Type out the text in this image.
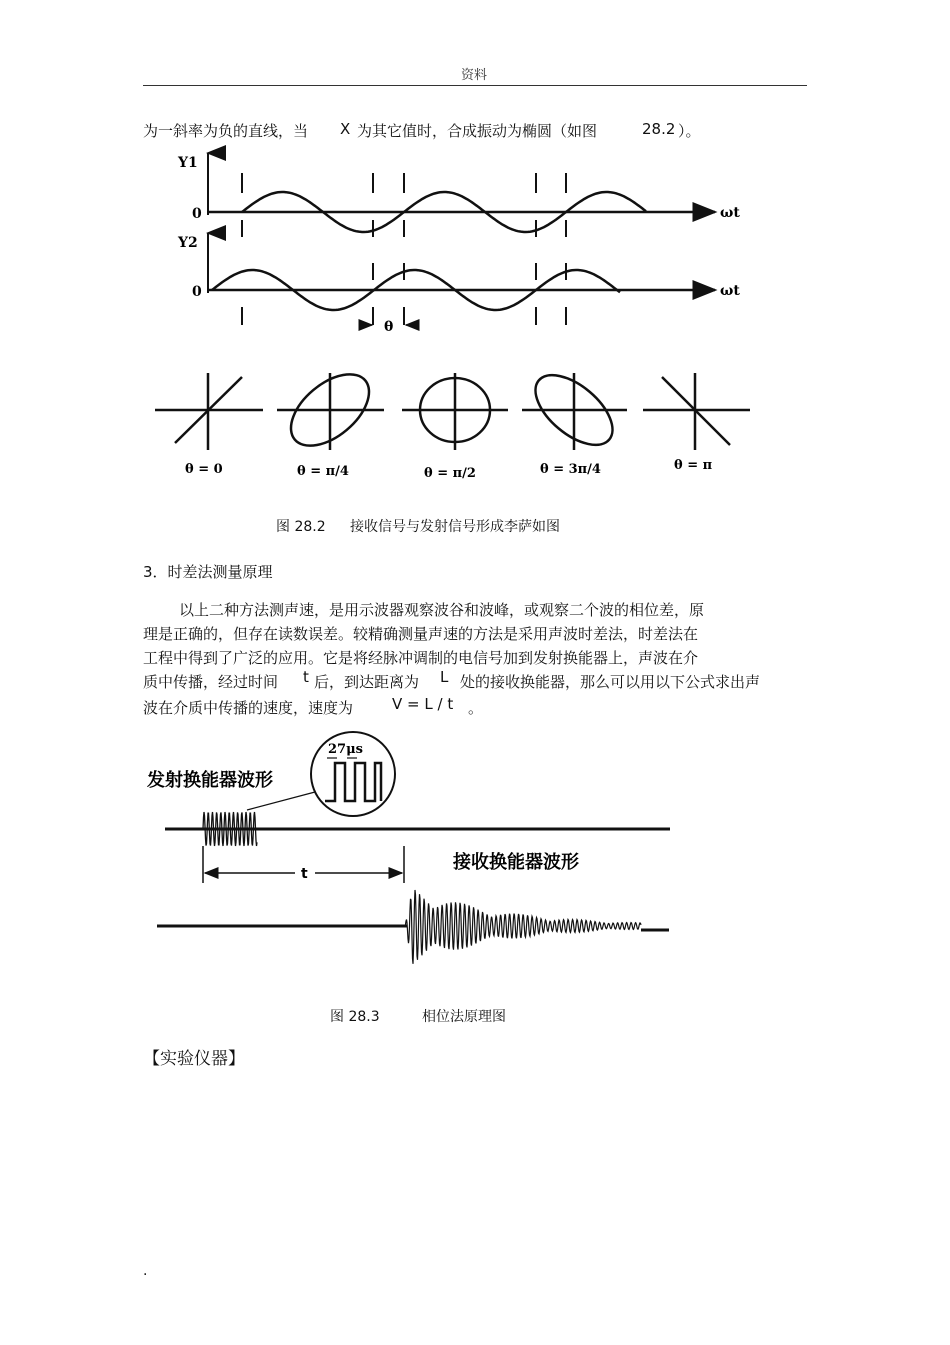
资料
为一斜率为负的直线，当 X 为其它值时，合成振动为椭圆（如图	28.2 ）。
Y1
0	ωt
Y2
0	ωt
θ
θ = 0	θ = π/4	θ = π/2	θ = 3π/4	θ = π
图 28.2 接收信号与发射信号形成李萨如图
3．时差法测量原理
以上二种方法测声速，是用示波器观察波谷和波峰，或观察二个波的相位差，原
理是正确的，但存在读数误差。较精确测量声速的方法是采用声波时差法，时差法在
工程中得到了广泛的应用。它是将经脉冲调制的电信号加到发射换能器上，声波在介
质中传播，经过时间 t 后，到达距离为 L 处的接收换能器，那么可以用以下公式求出声
波在介质中传播的速度，速度为	V = L / t 。
发射换能器波形
27μs
t
接收换能器波形
图 28.3	相位法原理图
【实验仪器】
.
